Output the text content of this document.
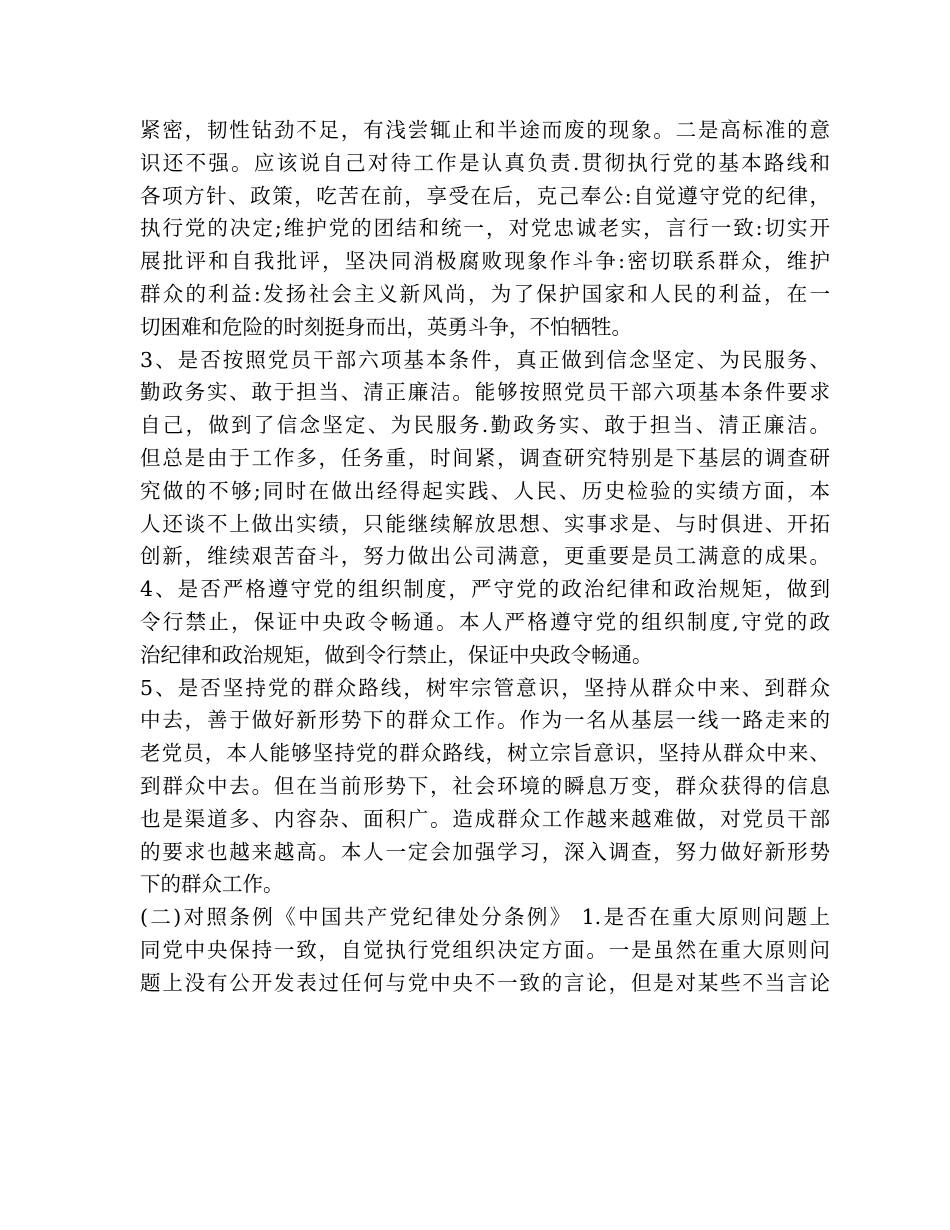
紧密，韧性钻劲不足，有浅尝辄止和半途而废的现象。二是高标准的意
识还不强。应该说自己对待工作是认真负责.贯彻执行党的基本路线和
各项方针、政策，吃苦在前，享受在后，克己奉公:自觉遵守党的纪律，
执行党的决定;维护党的团结和统一，对党忠诚老实，言行一致:切实开
展批评和自我批评，坚决同消极腐败现象作斗争:密切联系群众，维护
群众的利益:发扬社会主义新风尚，为了保护国家和人民的利益，在一
切困难和危险的时刻挺身而出，英勇斗争，不怕牺牲。
3、是否按照党员干部六项基本条件，真正做到信念坚定、为民服务、
勤政务实、敢于担当、清正廉洁。能够按照党员干部六项基本条件要求
自己，做到了信念坚定、为民服务.勤政务实、敢于担当、清正廉洁。
但总是由于工作多，任务重，时间紧，调查研究特别是下基层的调查研
究做的不够;同时在做出经得起实践、人民、历史检验的实绩方面，本
人还谈不上做出实绩，只能继续解放思想、实事求是、与时俱进、开拓
创新，维续艰苦奋斗，努力做出公司满意，更重要是员工满意的成果。
4、是否严格遵守党的组织制度，严守党的政治纪律和政治规矩，做到
令行禁止，保证中央政令畅通。本人严格遵守党的组织制度,守党的政
治纪律和政治规矩，做到令行禁止，保证中央政令畅通。
5、是否坚持党的群众路线，树牢宗管意识，坚持从群众中来、到群众
中去，善于做好新形势下的群众工作。作为一名从基层一线一路走来的
老党员，本人能够坚持党的群众路线，树立宗旨意识，坚持从群众中来、
到群众中去。但在当前形势下，社会环境的瞬息万变，群众获得的信息
也是渠道多、内容杂、面积广。造成群众工作越来越难做，对党员干部
的要求也越来越高。本人一定会加强学习，深入调查，努力做好新形势
下的群众工作。
(二)对照条例《中国共产党纪律处分条例》 1.是否在重大原则问题上
同党中央保持一致，自觉执行党组织决定方面。一是虽然在重大原则问
题上没有公开发表过任何与党中央不一致的言论，但是对某些不当言论
